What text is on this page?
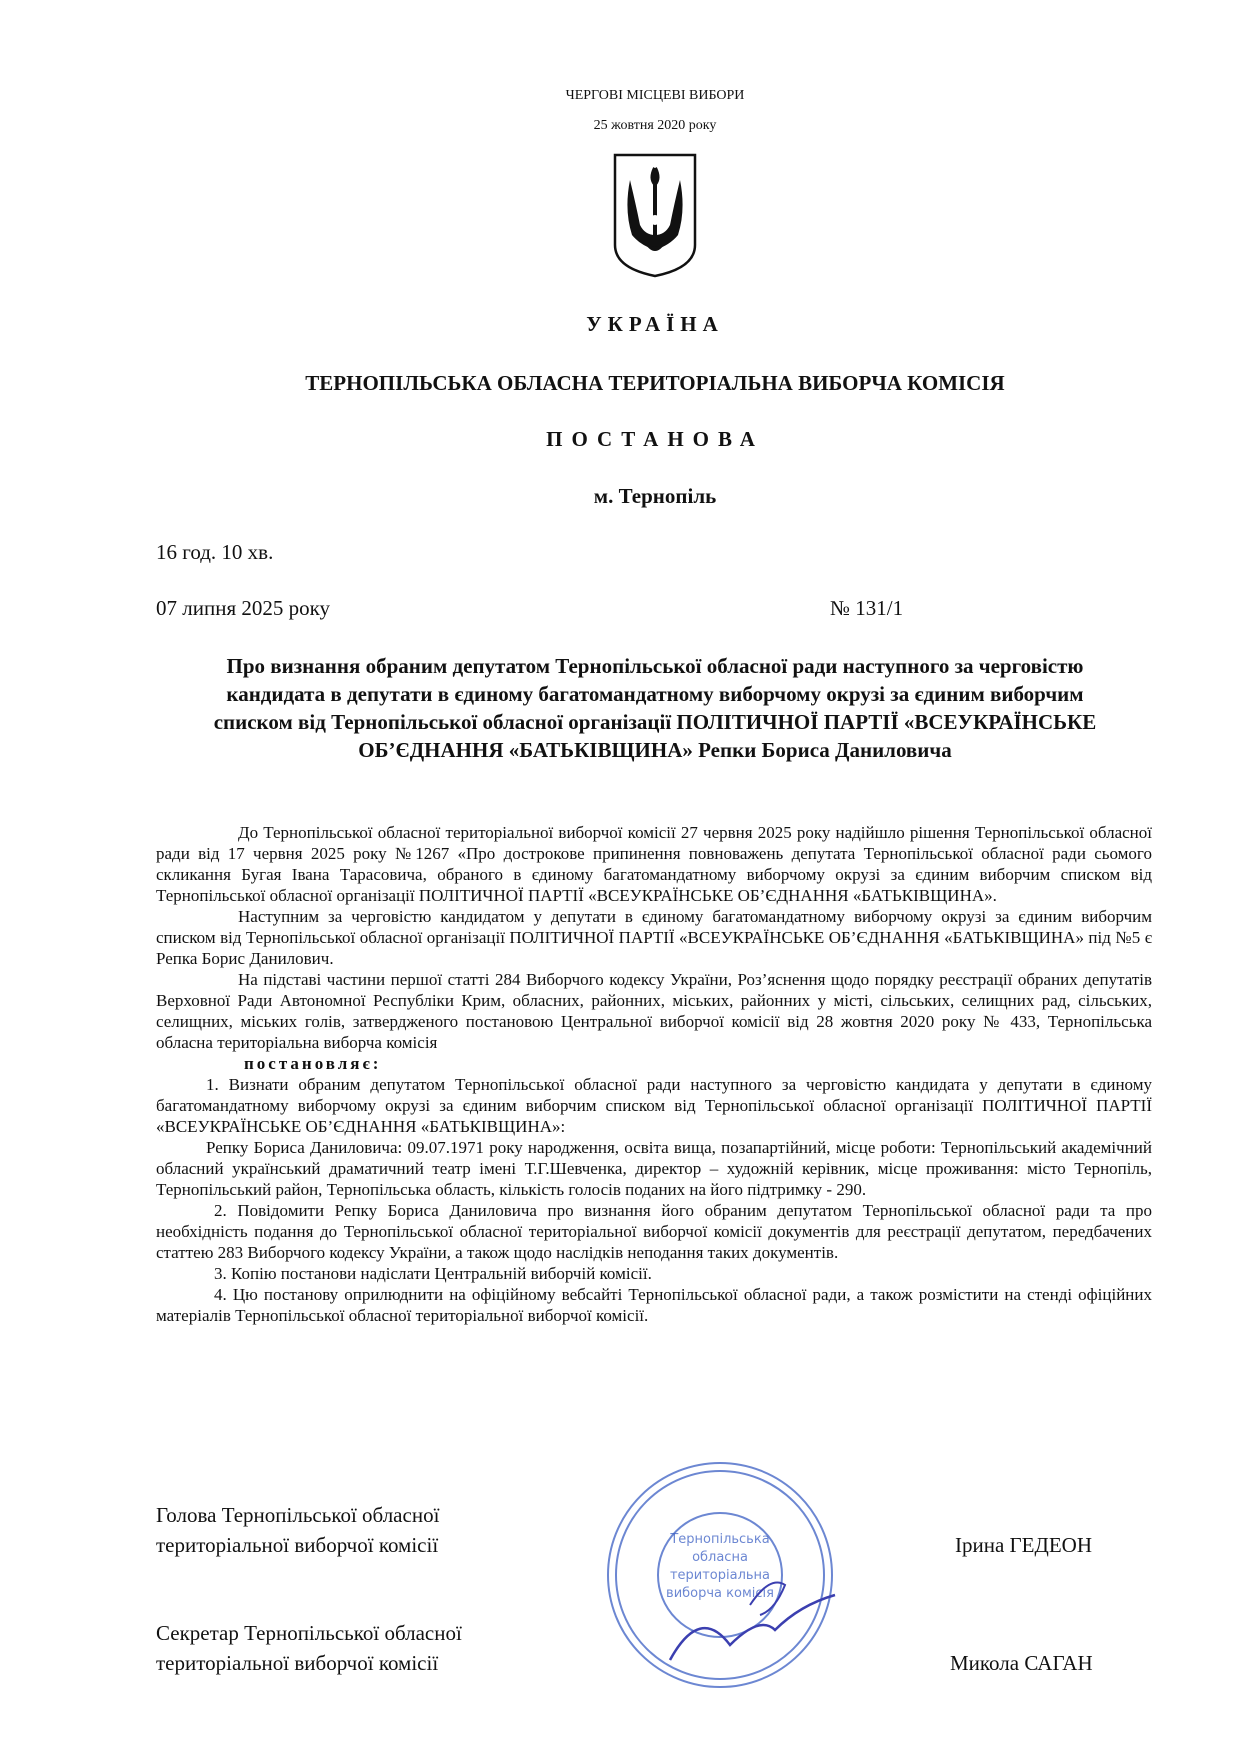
ЧЕРГОВІ МІСЦЕВІ ВИБОРИ
25 жовтня 2020 року
УКРАЇНА
ТЕРНОПІЛЬСЬКА ОБЛАСНА ТЕРИТОРІАЛЬНА ВИБОРЧА КОМІСІЯ
ПОСТАНОВА
м. Тернопіль
16 год. 10 хв.
07 липня 2025 року	№ 131/1
Про визнання обраним депутатом Тернопільської обласної ради наступного за черговістю кандидата в депутати в єдиному багатомандатному виборчому окрузі за єдиним виборчим списком від Тернопільської обласної організації ПОЛІТИЧНОЇ ПАРТІЇ «ВСЕУКРАЇНСЬКЕ ОБ’ЄДНАННЯ «БАТЬКІВЩИНА» Репки Бориса Даниловича
До Тернопільської обласної територіальної виборчої комісії 27 червня 2025 року надійшло рішення Тернопільської обласної ради від 17 червня 2025 року №1267 «Про дострокове припинення повноважень депутата Тернопільської обласної ради сьомого скликання Бугая Івана Тарасовича, обраного в єдиному багатомандатному виборчому окрузі за єдиним виборчим списком від Тернопільської обласної організації ПОЛІТИЧНОЇ ПАРТІЇ «ВСЕУКРАЇНСЬКЕ ОБ’ЄДНАННЯ «БАТЬКІВЩИНА».
Наступним за черговістю кандидатом у депутати в єдиному багатомандатному виборчому окрузі за єдиним виборчим списком від Тернопільської обласної організації ПОЛІТИЧНОЇ ПАРТІЇ «ВСЕУКРАЇНСЬКЕ ОБ’ЄДНАННЯ «БАТЬКІВЩИНА» під №5 є Репка Борис Данилович.
На підставі частини першої статті 284 Виборчого кодексу України, Роз’яснення щодо порядку реєстрації обраних депутатів Верховної Ради Автономної Республіки Крим, обласних, районних, міських, районних у місті, сільських, селищних рад, сільських, селищних, міських голів, затвердженого постановою Центральної виборчої комісії від 28 жовтня 2020 року № 433, Тернопільська обласна територіальна виборча комісія
постановляє:
1. Визнати обраним депутатом Тернопільської обласної ради наступного за черговістю кандидата у депутати в єдиному багатомандатному виборчому окрузі за єдиним виборчим списком від Тернопільської обласної організації ПОЛІТИЧНОЇ ПАРТІЇ «ВСЕУКРАЇНСЬКЕ ОБ’ЄДНАННЯ «БАТЬКІВЩИНА»:
Репку Бориса Даниловича: 09.07.1971 року народження, освіта вища, позапартійний, місце роботи: Тернопільський академічний обласний український драматичний театр імені Т.Г.Шевченка, директор – художній керівник, місце проживання: місто Тернопіль, Тернопільський район, Тернопільська область, кількість голосів поданих на його підтримку - 290.
2. Повідомити Репку Бориса Даниловича про визнання його обраним депутатом Тернопільської обласної ради та про необхідність подання до Тернопільської обласної територіальної виборчої комісії документів для реєстрації депутатом, передбачених статтею 283 Виборчого кодексу України, а також щодо наслідків неподання таких документів.
3. Копію постанови надіслати Центральній виборчій комісії.
4. Цю постанову оприлюднити на офіційному вебсайті Тернопільської обласної ради, а також розмістити на стенді офіційних матеріалів Тернопільської обласної територіальної виборчої комісії.
Тернопільська
обласна
територіальна
виборча комісія
Голова Тернопільської обласної
територіальної виборчої комісії	Ірина ГЕДЕОН
Секретар Тернопільської обласної
територіальної виборчої комісії	Микола САГАН
